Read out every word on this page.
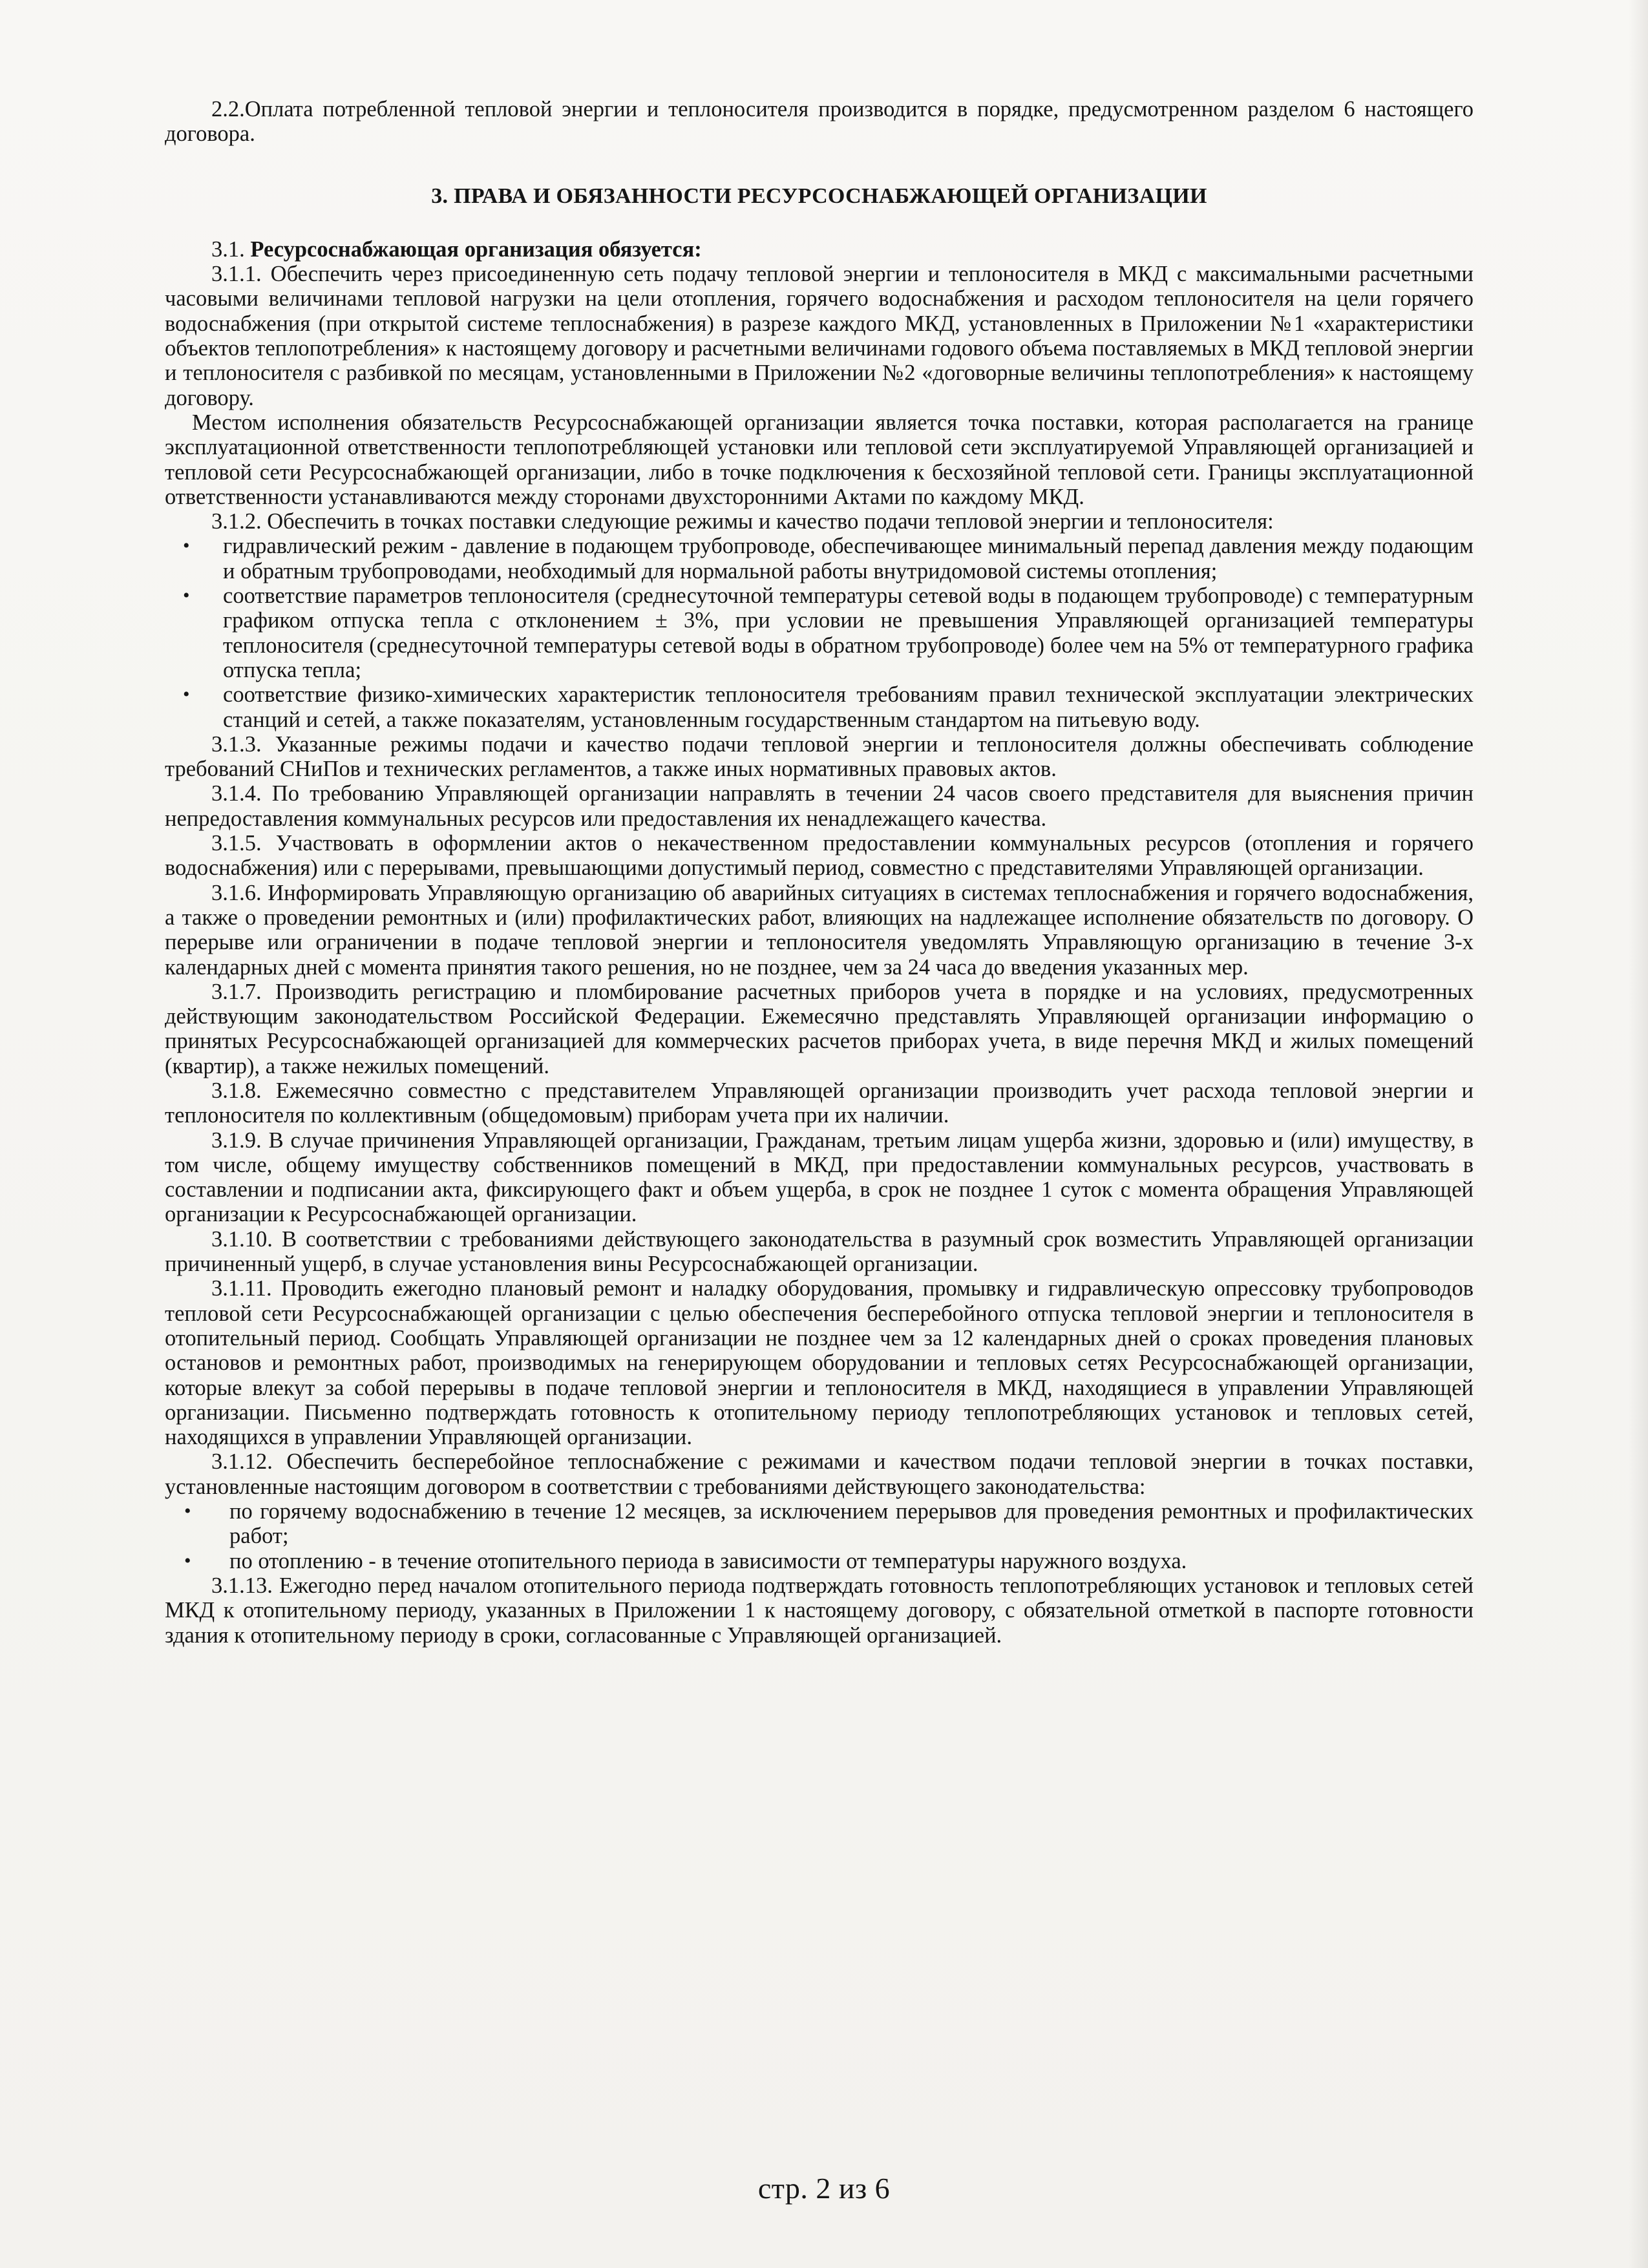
2.2.Оплата потребленной тепловой энергии и теплоносителя производится в порядке, предусмотренном разделом 6 настоящего договора.

3. ПРАВА И ОБЯЗАННОСТИ РЕСУРСОСНАБЖАЮЩЕЙ ОРГАНИЗАЦИИ

3.1. Ресурсоснабжающая организация обязуется:

3.1.1. Обеспечить через присоединенную сеть подачу тепловой энергии и теплоносителя в МКД с максимальными расчетными часовыми величинами тепловой нагрузки на цели отопления, горячего водоснабжения и расходом теплоносителя на цели горячего водоснабжения (при открытой системе теплоснабжения) в разрезе каждого МКД, установленных в Приложении №1 «характеристики объектов теплопотребления» к настоящему договору и расчетными величинами годового объема поставляемых в МКД тепловой энергии и теплоносителя с разбивкой по месяцам, установленными в Приложении №2 «договорные величины теплопотребления» к настоящему договору.

Местом исполнения обязательств Ресурсоснабжающей организации является точка поставки, которая располагается на границе эксплуатационной ответственности теплопотребляющей установки или тепловой сети эксплуатируемой Управляющей организацией и тепловой сети Ресурсоснабжающей организации, либо в точке подключения к бесхозяйной тепловой сети. Границы эксплуатационной ответственности устанавливаются между сторонами двухсторонними Актами по каждому МКД.

3.1.2. Обеспечить в точках поставки следующие режимы и качество подачи тепловой энергии и теплоносителя:

• гидравлический режим - давление в подающем трубопроводе, обеспечивающее минимальный перепад давления между подающим и обратным трубопроводами, необходимый для нормальной работы внутридомовой системы отопления;
• соответствие параметров теплоносителя (среднесуточной температуры сетевой воды в подающем трубопроводе) с температурным графиком отпуска тепла с отклонением ± 3%, при условии не превышения Управляющей организацией температуры теплоносителя (среднесуточной температуры сетевой воды в обратном трубопроводе) более чем на 5% от температурного графика отпуска тепла;
• соответствие физико-химических характеристик теплоносителя требованиям правил технической эксплуатации электрических станций и сетей, а также показателям, установленным государственным стандартом на питьевую воду.

3.1.3. Указанные режимы подачи и качество подачи тепловой энергии и теплоносителя должны обеспечивать соблюдение требований СНиПов и технических регламентов, а также иных нормативных правовых актов.

3.1.4. По требованию Управляющей организации направлять в течении 24 часов своего представителя для выяснения причин непредоставления коммунальных ресурсов или предоставления их ненадлежащего качества.

3.1.5. Участвовать в оформлении актов о некачественном предоставлении коммунальных ресурсов (отопления и горячего водоснабжения) или с перерывами, превышающими допустимый период, совместно с представителями Управляющей организации.

3.1.6. Информировать Управляющую организацию об аварийных ситуациях в системах теплоснабжения и горячего водоснабжения, а также о проведении ремонтных и (или) профилактических работ, влияющих на надлежащее исполнение обязательств по договору. О перерыве или ограничении в подаче тепловой энергии и теплоносителя уведомлять Управляющую организацию в течение 3-х календарных дней с момента принятия такого решения, но не позднее, чем за 24 часа до введения указанных мер.

3.1.7. Производить регистрацию и пломбирование расчетных приборов учета в порядке и на условиях, предусмотренных действующим законодательством Российской Федерации. Ежемесячно представлять Управляющей организации информацию о принятых Ресурсоснабжающей организацией для коммерческих расчетов приборах учета, в виде перечня МКД и жилых помещений (квартир), а также нежилых помещений.

3.1.8. Ежемесячно совместно с представителем Управляющей организации производить учет расхода тепловой энергии и теплоносителя по коллективным (общедомовым) приборам учета при их наличии.

3.1.9. В случае причинения Управляющей организации, Гражданам, третьим лицам ущерба жизни, здоровью и (или) имуществу, в том числе, общему имуществу собственников помещений в МКД, при предоставлении коммунальных ресурсов, участвовать в составлении и подписании акта, фиксирующего факт и объем ущерба, в срок не позднее 1 суток с момента обращения Управляющей организации к Ресурсоснабжающей организации.

3.1.10. В соответствии с требованиями действующего законодательства в разумный срок возместить Управляющей организации причиненный ущерб, в случае установления вины Ресурсоснабжающей организации.

3.1.11. Проводить ежегодно плановый ремонт и наладку оборудования, промывку и гидравлическую опрессовку трубопроводов тепловой сети Ресурсоснабжающей организации с целью обеспечения бесперебойного отпуска тепловой энергии и теплоносителя в отопительный период. Сообщать Управляющей организации не позднее чем за 12 календарных дней о сроках проведения плановых остановов и ремонтных работ, производимых на генерирующем оборудовании и тепловых сетях Ресурсоснабжающей организации, которые влекут за собой перерывы в подаче тепловой энергии и теплоносителя в МКД, находящиеся в управлении Управляющей организации. Письменно подтверждать готовность к отопительному периоду теплопотребляющих установок и тепловых сетей, находящихся в управлении Управляющей организации.

3.1.12. Обеспечить бесперебойное теплоснабжение с режимами и качеством подачи тепловой энергии в точках поставки, установленные настоящим договором в соответствии с требованиями действующего законодательства:

• по горячему водоснабжению в течение 12 месяцев, за исключением перерывов для проведения ремонтных и профилактических работ;
• по отоплению - в течение отопительного периода в зависимости от температуры наружного воздуха.

3.1.13. Ежегодно перед началом отопительного периода подтверждать готовность теплопотребляющих установок и тепловых сетей МКД к отопительному периоду, указанных в Приложении 1 к настоящему договору, с обязательной отметкой в паспорте готовности здания к отопительному периоду в сроки, согласованные с Управляющей организацией.

стр. 2 из 6
